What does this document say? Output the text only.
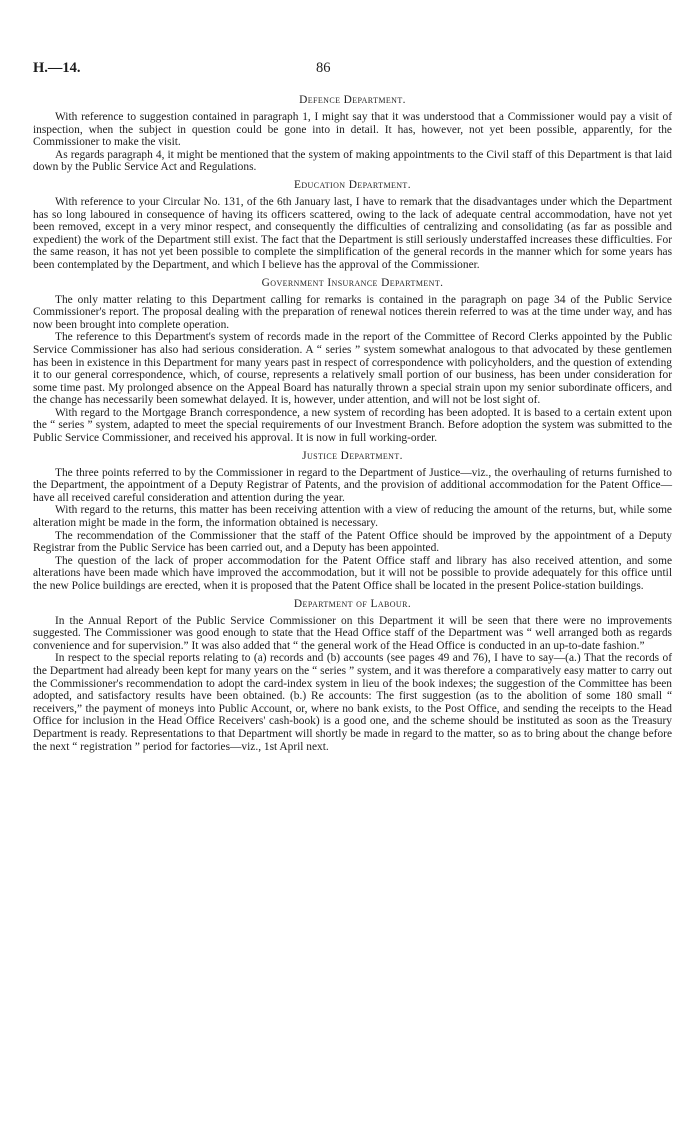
H.—14.	86
Defence Department.

With reference to suggestion contained in paragraph 1, I might say that it was understood that a Commissioner would pay a visit of inspection, when the subject in question could be gone into in detail. It has, however, not yet been possible, apparently, for the Commissioner to make the visit.

As regards paragraph 4, it might be mentioned that the system of making appointments to the Civil staff of this Department is that laid down by the Public Service Act and Regulations.

Education Department.

With reference to your Circular No. 131, of the 6th January last, I have to remark that the disadvantages under which the Department has so long laboured in consequence of having its officers scattered, owing to the lack of adequate central accommodation, have not yet been removed, except in a very minor respect, and consequently the difficulties of centralizing and consolidating (as far as possible and expedient) the work of the Department still exist. The fact that the Department is still seriously understaffed increases these difficulties. For the same reason, it has not yet been possible to complete the simplification of the general records in the manner which for some years has been contemplated by the Department, and which I believe has the approval of the Commissioner.

Government Insurance Department.

The only matter relating to this Department calling for remarks is contained in the paragraph on page 34 of the Public Service Commissioner's report. The proposal dealing with the preparation of renewal notices therein referred to was at the time under way, and has now been brought into complete operation.

The reference to this Department's system of records made in the report of the Committee of Record Clerks appointed by the Public Service Commissioner has also had serious consideration. A “ series ” system somewhat analogous to that advocated by these gentlemen has been in existence in this Department for many years past in respect of correspondence with policyholders, and the question of extending it to our general correspondence, which, of course, represents a relatively small portion of our business, has been under consideration for some time past. My prolonged absence on the Appeal Board has naturally thrown a special strain upon my senior subordinate officers, and the change has necessarily been somewhat delayed. It is, however, under attention, and will not be lost sight of.

With regard to the Mortgage Branch correspondence, a new system of recording has been adopted. It is based to a certain extent upon the “ series ” system, adapted to meet the special requirements of our Investment Branch. Before adoption the system was submitted to the Public Service Commissioner, and received his approval. It is now in full working-order.

Justice Department.

The three points referred to by the Commissioner in regard to the Department of Justice—viz., the overhauling of returns furnished to the Department, the appointment of a Deputy Registrar of Patents, and the provision of additional accommodation for the Patent Office—have all received careful consideration and attention during the year.

With regard to the returns, this matter has been receiving attention with a view of reducing the amount of the returns, but, while some alteration might be made in the form, the information obtained is necessary.

The recommendation of the Commissioner that the staff of the Patent Office should be improved by the appointment of a Deputy Registrar from the Public Service has been carried out, and a Deputy has been appointed.

The question of the lack of proper accommodation for the Patent Office staff and library has also received attention, and some alterations have been made which have improved the accommodation, but it will not be possible to provide adequately for this office until the new Police buildings are erected, when it is proposed that the Patent Office shall be located in the present Police-station buildings.

Department of Labour.

In the Annual Report of the Public Service Commissioner on this Department it will be seen that there were no improvements suggested. The Commissioner was good enough to state that the Head Office staff of the Department was “ well arranged both as regards convenience and for supervision.” It was also added that “ the general work of the Head Office is conducted in an up-to-date fashion.”

In respect to the special reports relating to (a) records and (b) accounts (see pages 49 and 76), I have to say—(a.) That the records of the Department had already been kept for many years on the “ series ” system, and it was therefore a comparatively easy matter to carry out the Commissioner's recommendation to adopt the card-index system in lieu of the book indexes; the suggestion of the Committee has been adopted, and satisfactory results have been obtained. (b.) Re accounts: The first suggestion (as to the abolition of some 180 small “ receivers,” the payment of moneys into Public Account, or, where no bank exists, to the Post Office, and sending the receipts to the Head Office for inclusion in the Head Office Receivers' cash-book) is a good one, and the scheme should be instituted as soon as the Treasury Department is ready. Representations to that Department will shortly be made in regard to the matter, so as to bring about the change before the next “ registration ” period for factories—viz., 1st April next.
